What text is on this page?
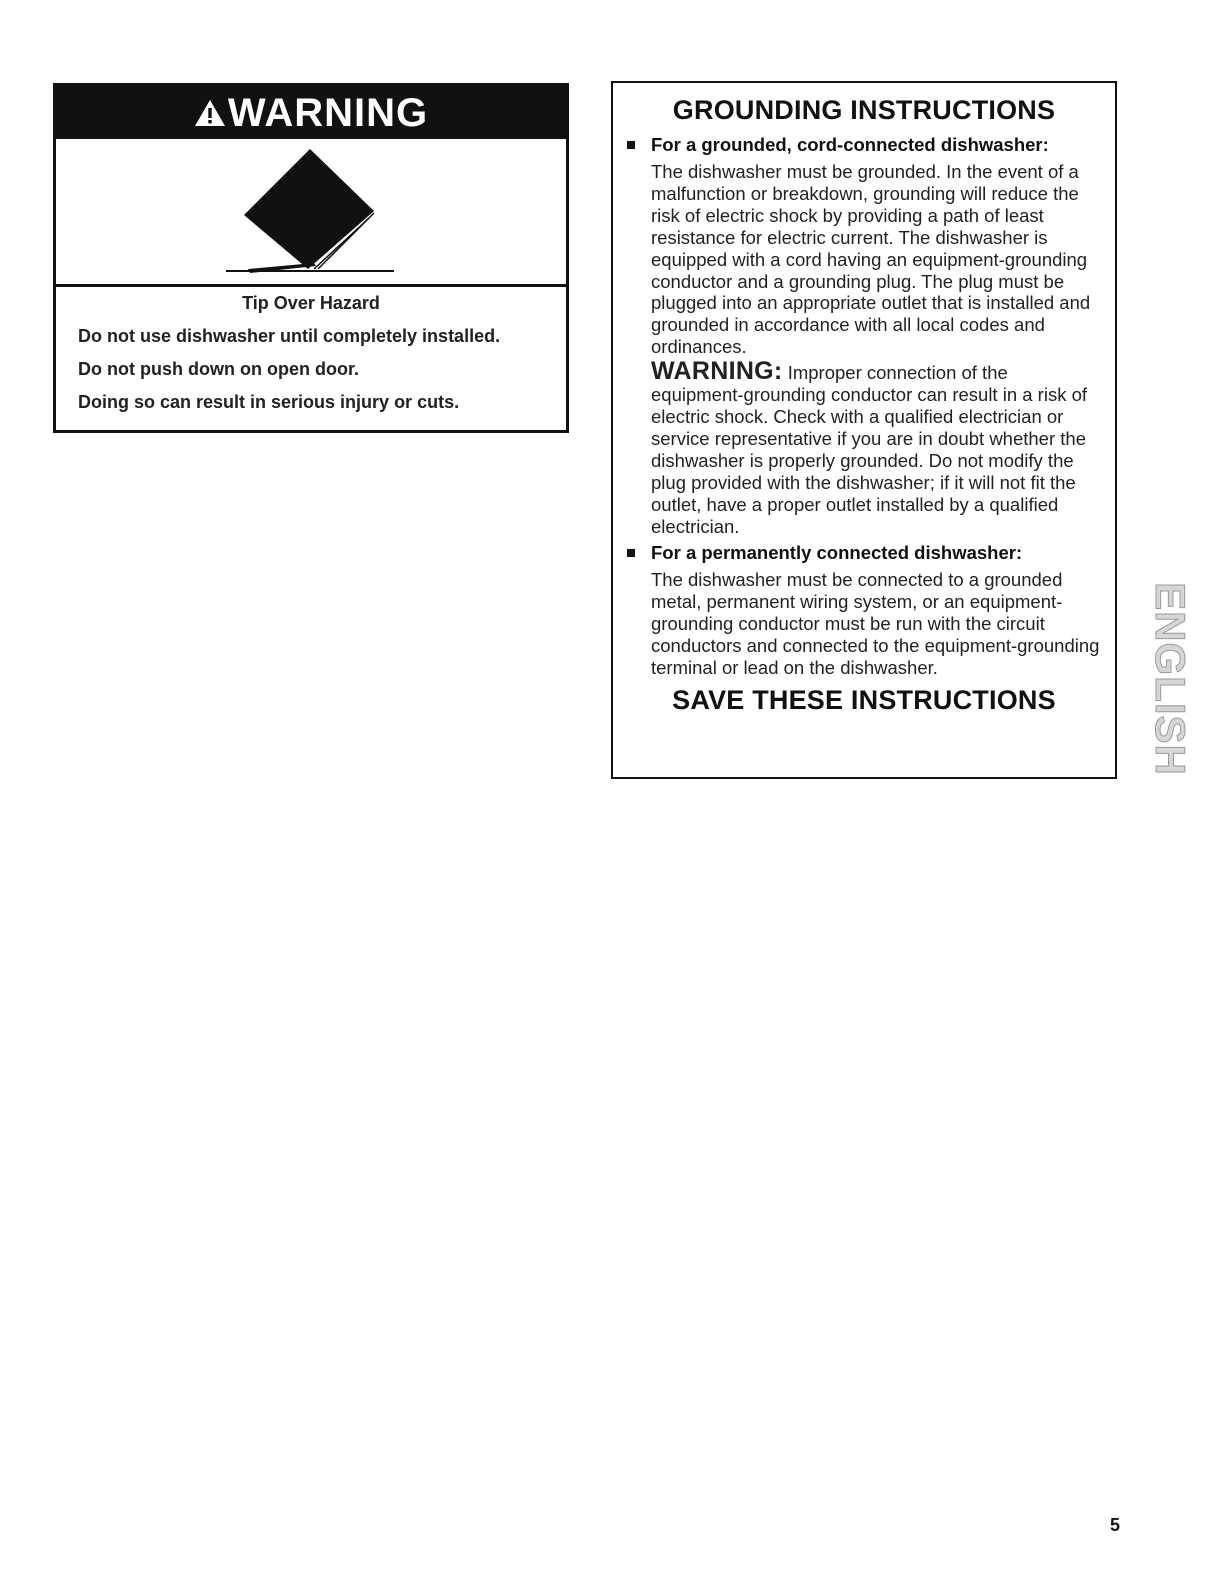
WARNING

Tip Over Hazard

Do not use dishwasher until completely installed.

Do not push down on open door.

Doing so can result in serious injury or cuts.

GROUNDING INSTRUCTIONS
For a grounded, cord-connected dishwasher:

The dishwasher must be grounded. In the event of a malfunction or breakdown, grounding will reduce the risk of electric shock by providing a path of least resistance for electric current. The dishwasher is equipped with a cord having an equipment-grounding conductor and a grounding plug. The plug must be plugged into an appropriate outlet that is installed and grounded in accordance with all local codes and ordinances.

WARNING: Improper connection of the equipment-grounding conductor can result in a risk of electric shock. Check with a qualified electrician or service representative if you are in doubt whether the dishwasher is properly grounded. Do not modify the plug provided with the dishwasher; if it will not fit the outlet, have a proper outlet installed by a qualified electrician.

For a permanently connected dishwasher:

The dishwasher must be connected to a grounded metal, permanent wiring system, or an equipment-grounding conductor must be run with the circuit conductors and connected to the equipment-grounding terminal or lead on the dishwasher.

SAVE THESE INSTRUCTIONS	ENGLISH
5
